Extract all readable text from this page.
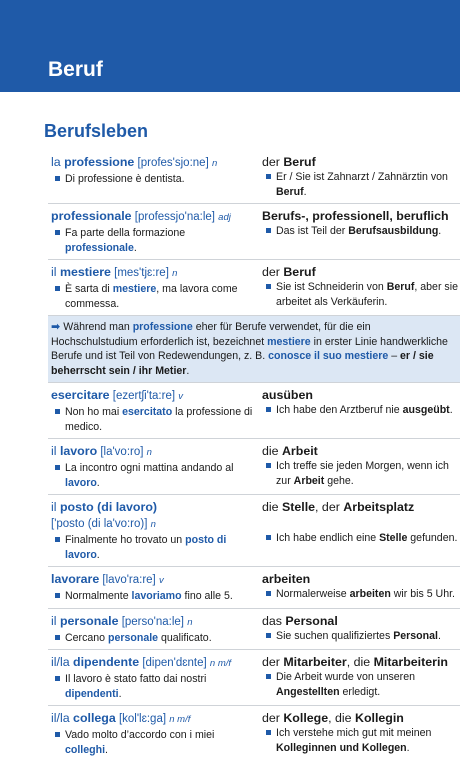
Beruf
Berufsleben
la professione [profes'sjo:ne] n
Di professione è dentista.
der Beruf
Er / Sie ist Zahnarzt / Zahnärztin von Beruf.
professionale [professjo'na:le] adj
Fa parte della formazione professionale.
Berufs-, professionell, beruflich
Das ist Teil der Berufsausbildung.
il mestiere [mes'tjɛ:re] n
È sarta di mestiere, ma lavora come commessa.
der Beruf
Sie ist Schneiderin von Beruf, aber sie arbeitet als Verkäuferin.
➡ Während man professione eher für Berufe verwendet, für die ein Hochschulstudium erforderlich ist, bezeichnet mestiere in erster Linie handwerkliche Berufe und ist Teil von Redewendungen, z. B. conosce il suo mestiere – er / sie beherrscht sein / ihr Metier.
esercitare [ezertʃi'ta:re] v
Non ho mai esercitato la professione di medico.
ausüben
Ich habe den Arztberuf nie ausgeübt.
il lavoro [la'vo:ro] n
La incontro ogni mattina andando al lavoro.
die Arbeit
Ich treffe sie jeden Morgen, wenn ich zur Arbeit gehe.
il posto (di lavoro)
['posto (di la'vo:ro)] n
Finalmente ho trovato un posto di lavoro.
die Stelle, der Arbeitsplatz
Ich habe endlich eine Stelle gefunden.
lavorare [lavo'ra:re] v
Normalmente lavoriamo fino alle 5.
arbeiten
Normalerweise arbeiten wir bis 5 Uhr.
il personale [perso'na:le] n
Cercano personale qualificato.
das Personal
Sie suchen qualifiziertes Personal.
il/la dipendente [dipen'dɛnte] n m/f
Il lavoro è stato fatto dai nostri dipendenti.
der Mitarbeiter, die Mitarbeiterin
Die Arbeit wurde von unseren Angestellten erledigt.
il/la collega [kol'lɛ:ga] n m/f
Vado molto d’accordo con i miei colleghi.
der Kollege, die Kollegin
Ich verstehe mich gut mit meinen Kolleginnen und Kollegen.
